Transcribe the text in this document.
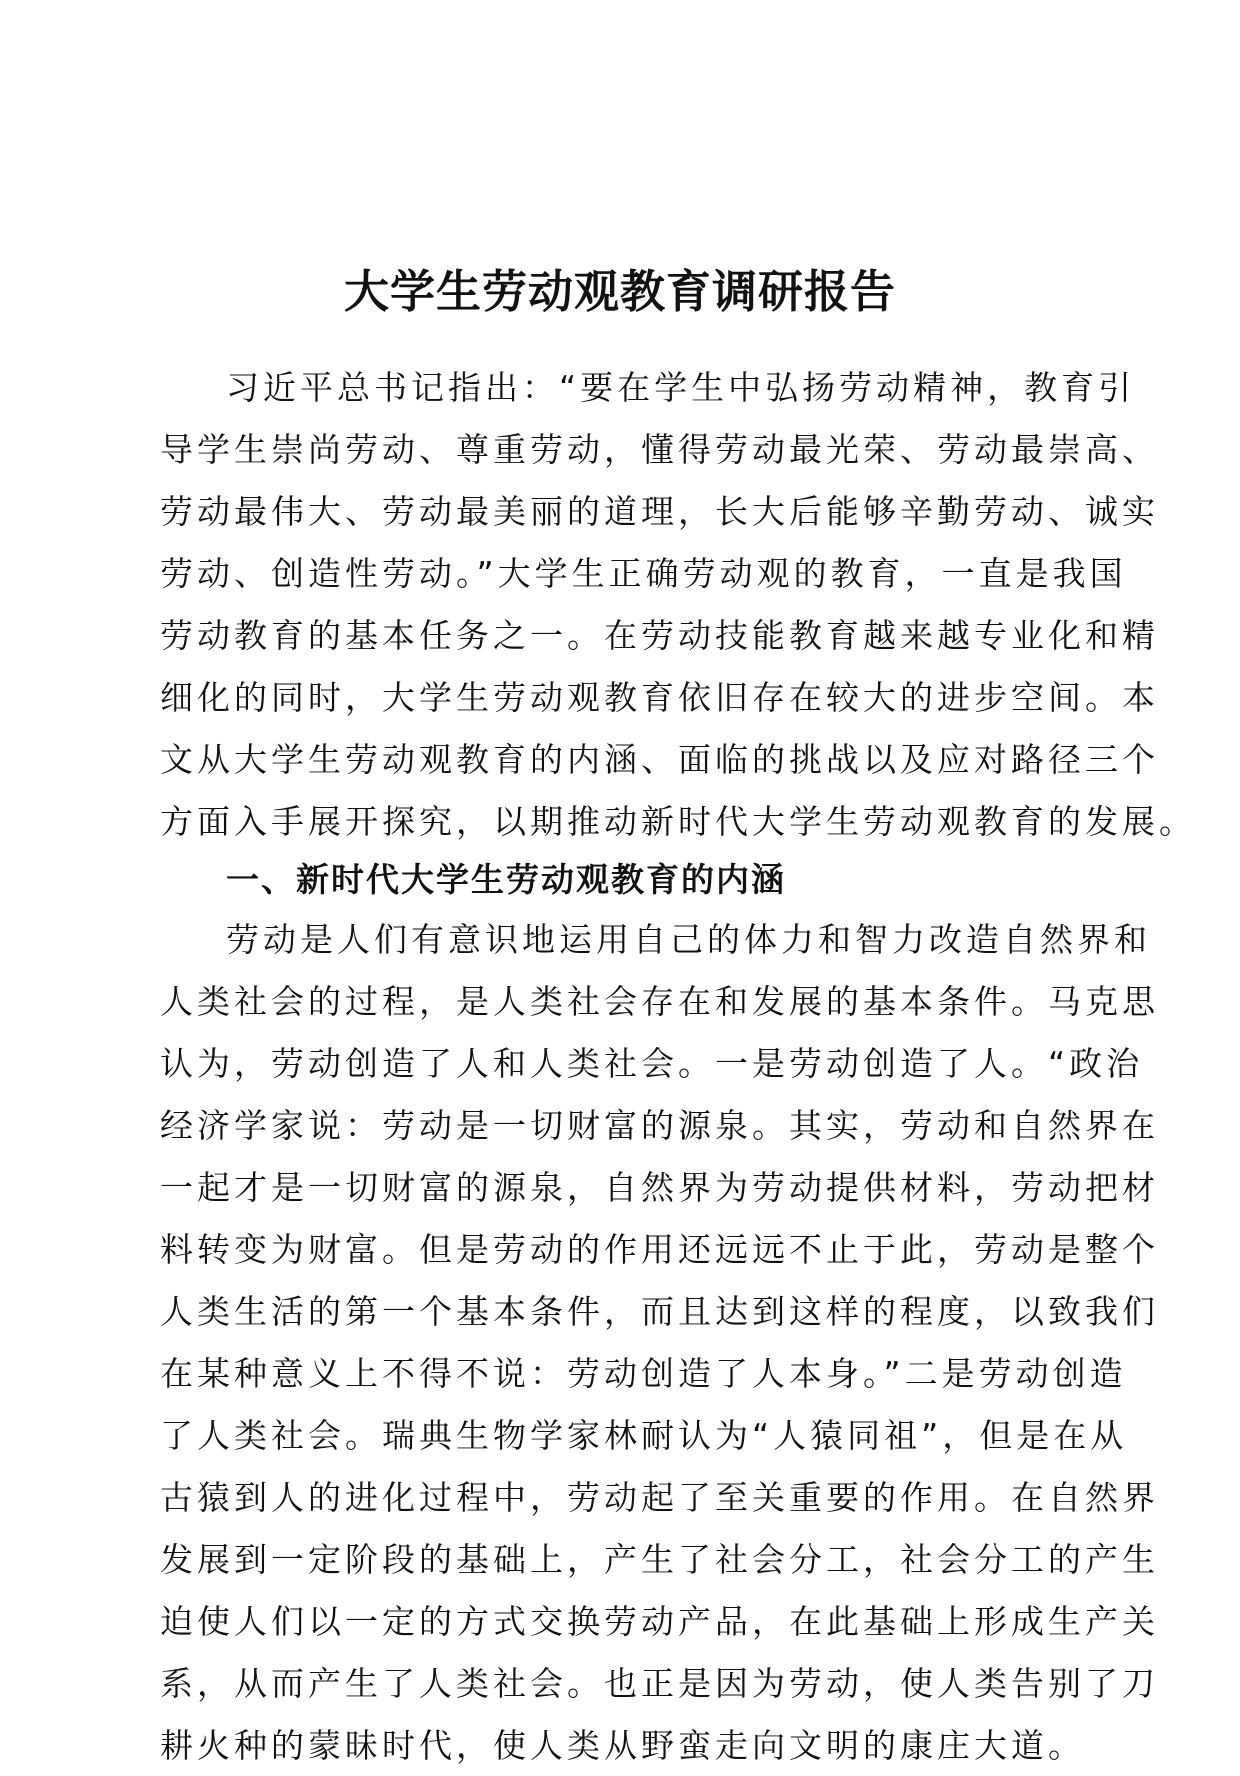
大学生劳动观教育调研报告
习近平总书记指出：“要在学生中弘扬劳动精神，教育引
导学生崇尚劳动、尊重劳动，懂得劳动最光荣、劳动最崇高、
劳动最伟大、劳动最美丽的道理，长大后能够辛勤劳动、诚实
劳动、创造性劳动。”大学生正确劳动观的教育，一直是我国
劳动教育的基本任务之一。在劳动技能教育越来越专业化和精
细化的同时，大学生劳动观教育依旧存在较大的进步空间。本
文从大学生劳动观教育的内涵、面临的挑战以及应对路径三个
方面入手展开探究，以期推动新时代大学生劳动观教育的发展。
一、新时代大学生劳动观教育的内涵
劳动是人们有意识地运用自己的体力和智力改造自然界和
人类社会的过程，是人类社会存在和发展的基本条件。马克思
认为，劳动创造了人和人类社会。一是劳动创造了人。“政治
经济学家说：劳动是一切财富的源泉。其实，劳动和自然界在
一起才是一切财富的源泉，自然界为劳动提供材料，劳动把材
料转变为财富。但是劳动的作用还远远不止于此，劳动是整个
人类生活的第一个基本条件，而且达到这样的程度，以致我们
在某种意义上不得不说：劳动创造了人本身。”二是劳动创造
了人类社会。瑞典生物学家林耐认为“人猿同祖”，但是在从
古猿到人的进化过程中，劳动起了至关重要的作用。在自然界
发展到一定阶段的基础上，产生了社会分工，社会分工的产生
迫使人们以一定的方式交换劳动产品，在此基础上形成生产关
系，从而产生了人类社会。也正是因为劳动，使人类告别了刀
耕火种的蒙昧时代，使人类从野蛮走向文明的康庄大道。
